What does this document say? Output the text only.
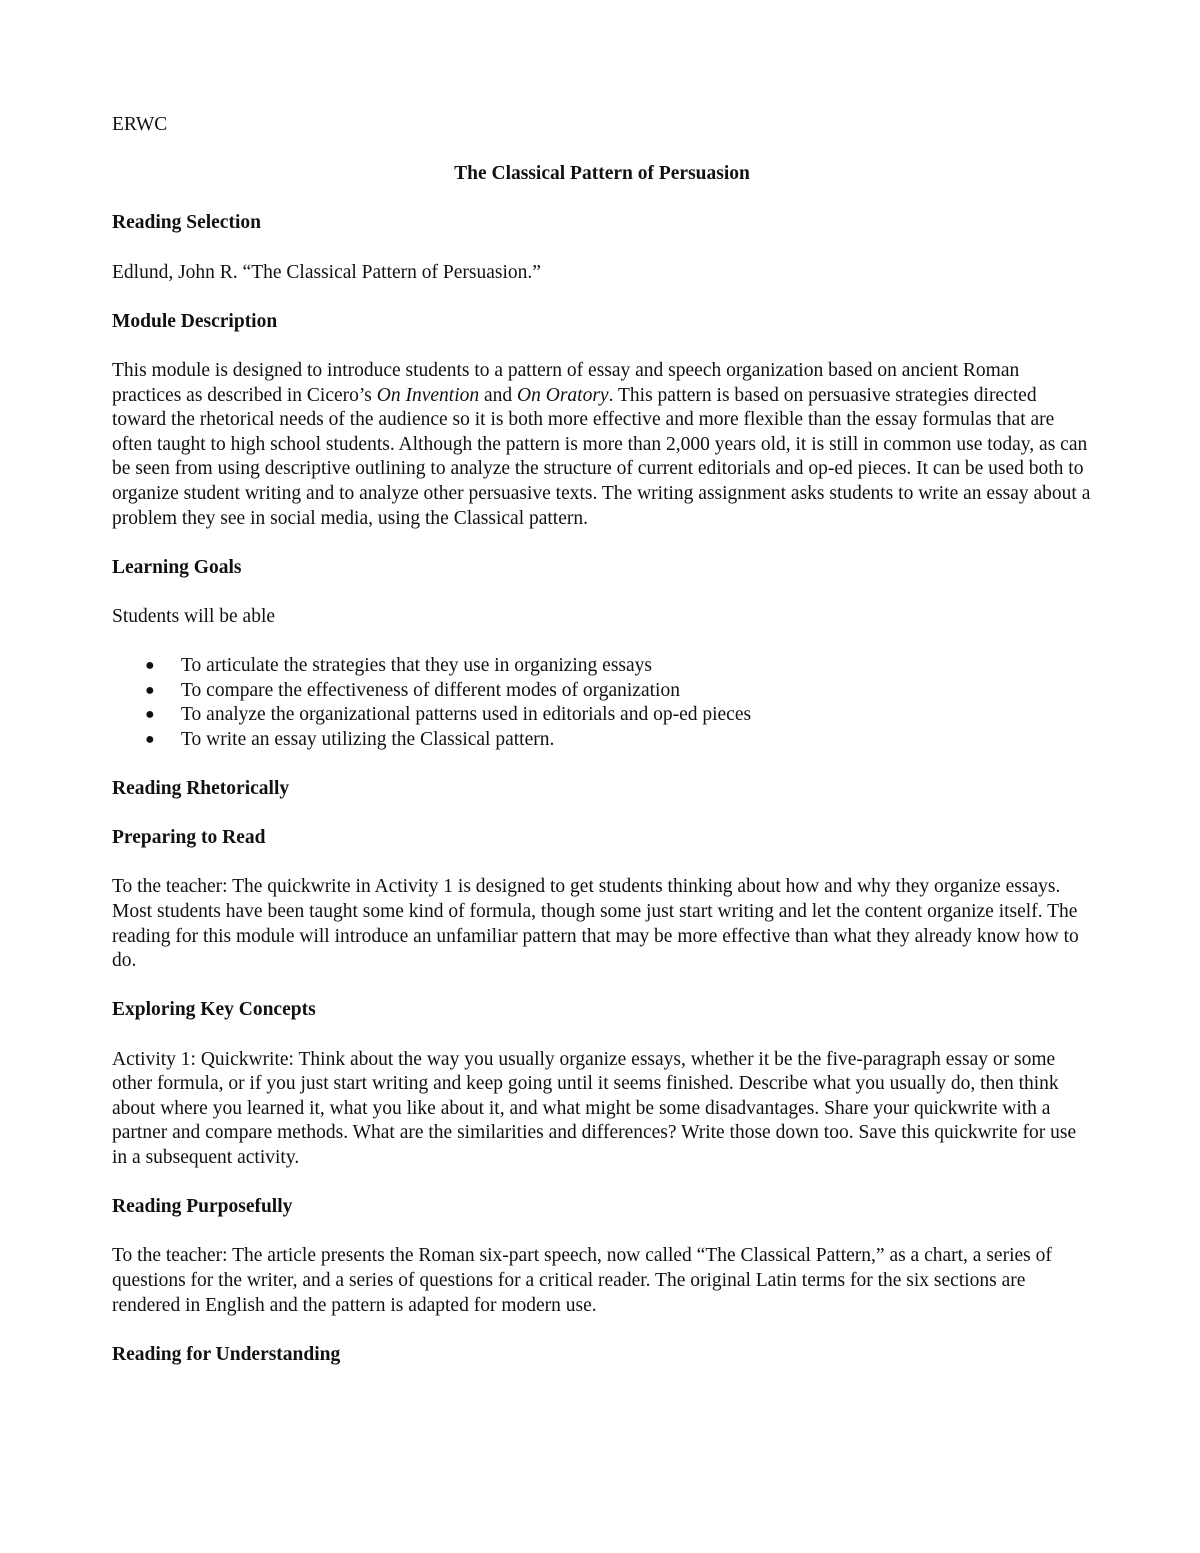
ERWC

The Classical Pattern of Persuasion

Reading Selection

Edlund, John R. “The Classical Pattern of Persuasion.”

Module Description

This module is designed to introduce students to a pattern of essay and speech organization based on ancient Roman practices as described in Cicero’s On Invention and On Oratory. This pattern is based on persuasive strategies directed toward the rhetorical needs of the audience so it is both more effective and more flexible than the essay formulas that are often taught to high school students. Although the pattern is more than 2,000 years old, it is still in common use today, as can be seen from using descriptive outlining to analyze the structure of current editorials and op-ed pieces. It can be used both to organize student writing and to analyze other persuasive texts. The writing assignment asks students to write an essay about a problem they see in social media, using the Classical pattern.

Learning Goals

Students will be able

● To articulate the strategies that they use in organizing essays
● To compare the effectiveness of different modes of organization
● To analyze the organizational patterns used in editorials and op-ed pieces
● To write an essay utilizing the Classical pattern.

Reading Rhetorically

Preparing to Read

To the teacher: The quickwrite in Activity 1 is designed to get students thinking about how and why they organize essays. Most students have been taught some kind of formula, though some just start writing and let the content organize itself. The reading for this module will introduce an unfamiliar pattern that may be more effective than what they already know how to do.

Exploring Key Concepts

Activity 1: Quickwrite: Think about the way you usually organize essays, whether it be the five-paragraph essay or some other formula, or if you just start writing and keep going until it seems finished. Describe what you usually do, then think about where you learned it, what you like about it, and what might be some disadvantages. Share your quickwrite with a partner and compare methods. What are the similarities and differences? Write those down too. Save this quickwrite for use in a subsequent activity.

Reading Purposefully

To the teacher: The article presents the Roman six-part speech, now called “The Classical Pattern,” as a chart, a series of questions for the writer, and a series of questions for a critical reader. The original Latin terms for the six sections are rendered in English and the pattern is adapted for modern use.

Reading for Understanding
